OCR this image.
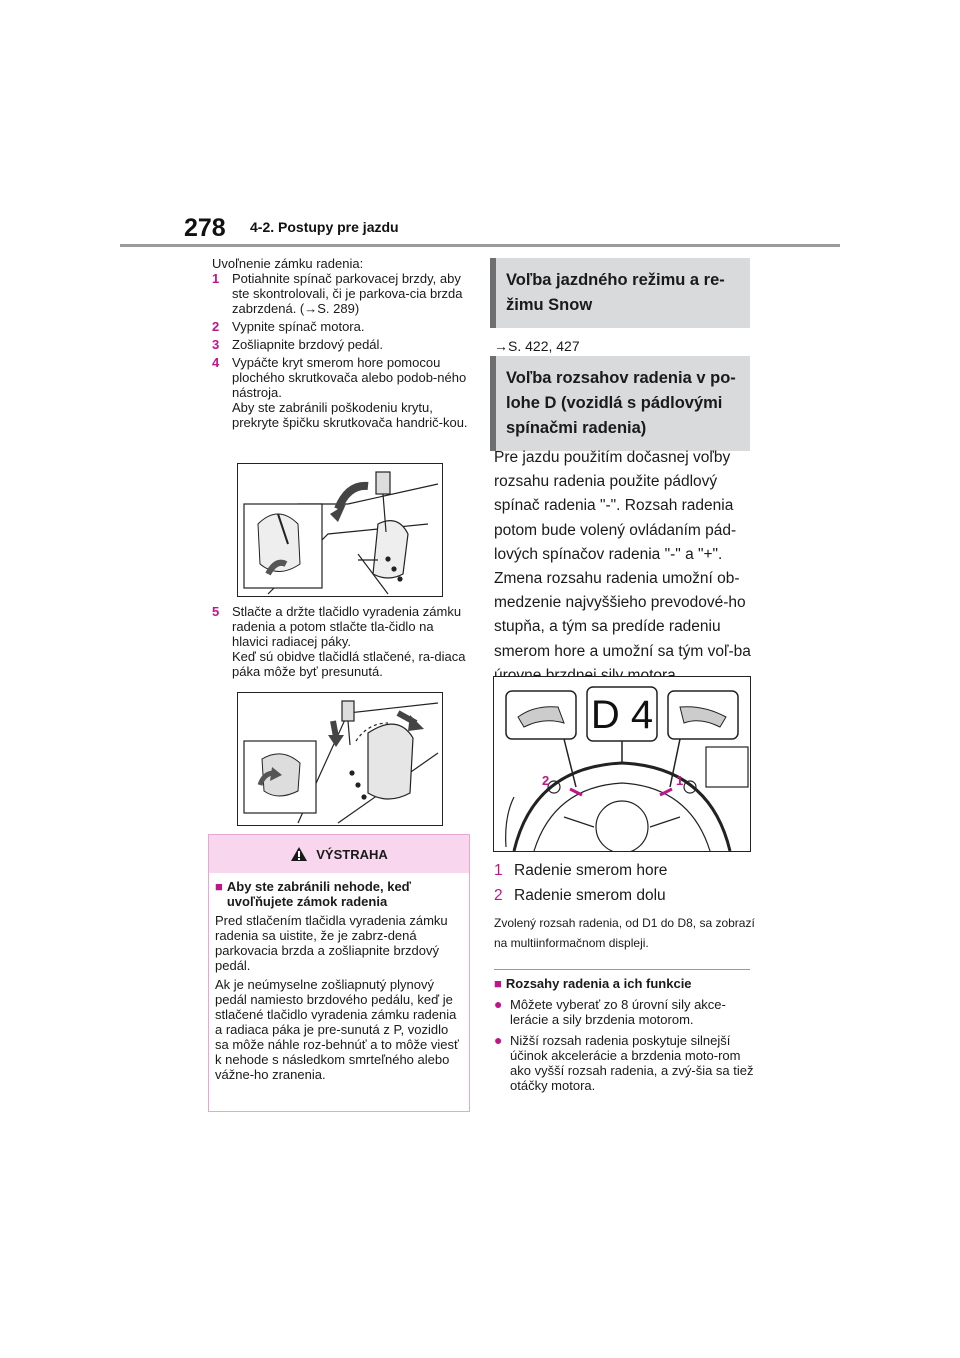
278 4-2. Postupy pre jazdu
Uvoľnenie zámku radenia:
1 Potiahnite spínač parkovacej brzdy, aby ste skontrolovali, či je parkova-cia brzda zabrzdená. (→S. 289)
2 Vypnite spínač motora.
3 Zošliapnite brzdový pedál.
4 Vypáčte kryt smerom hore pomocou plochého skrutkovača alebo podob-ného nástroja.
Aby ste zabránili poškodeniu krytu, prekryte špičku skrutkovača handrič-kou.
5 Stlačte a držte tlačidlo vyradenia zámku radenia a potom stlačte tla-čidlo na hlavici radiacej páky.
Keď sú obidve tlačidlá stlačené, ra-diaca páka môže byť presunutá.
VÝSTRAHA
■ Aby ste zabránili nehode, keď uvoľňujete zámok radenia

Pred stlačením tlačidla vyradenia zámku radenia sa uistite, že je zabrz-dená parkovacia brzda a zošliapnite brzdový pedál.

Ak je neúmyselne zošliapnutý plynový pedál namiesto brzdového pedálu, keď je stlačené tlačidlo vyradenia zámku radenia a radiaca páka je pre-sunutá z P, vozidlo sa môže náhle roz-behnúť a to môže viesť k nehode s následkom smrteľného alebo vážne-ho zranenia.

Voľba jazdného režimu a re-žimu Snow
→S. 422, 427
Voľba rozsahov radenia v po-lohe D (vozidlá s pádlovými spínačmi radenia)
Pre jazdu použitím dočasnej voľby rozsahu radenia použite pádlový spínač radenia "-". Rozsah radenia potom bude volený ovládaním pád-lových spínačov radenia "-" a "+". Zmena rozsahu radenia umožní ob-medzenie najvyššieho prevodové-ho stupňa, a tým sa predíde radeniu smerom hore a umožní sa tým voľ-ba
D 4
2	1
1 Radenie smerom hore
2 Radenie smerom dolu
Zvolený rozsah radenia, od D1 do D8, sa zobrazí na multiinformačnom displeji.
■ Rozsahy radenia a ich funkcie
● Môžete vyberať zo 8 úrovní sily akce-lerácie a sily brzdenia motorom.
● Nižší rozsah radenia poskytuje silnejší účinok akcelerácie a brzdenia moto-rom ako vyšší rozsah radenia, a zvý-šia sa tiež otáčky motora.
